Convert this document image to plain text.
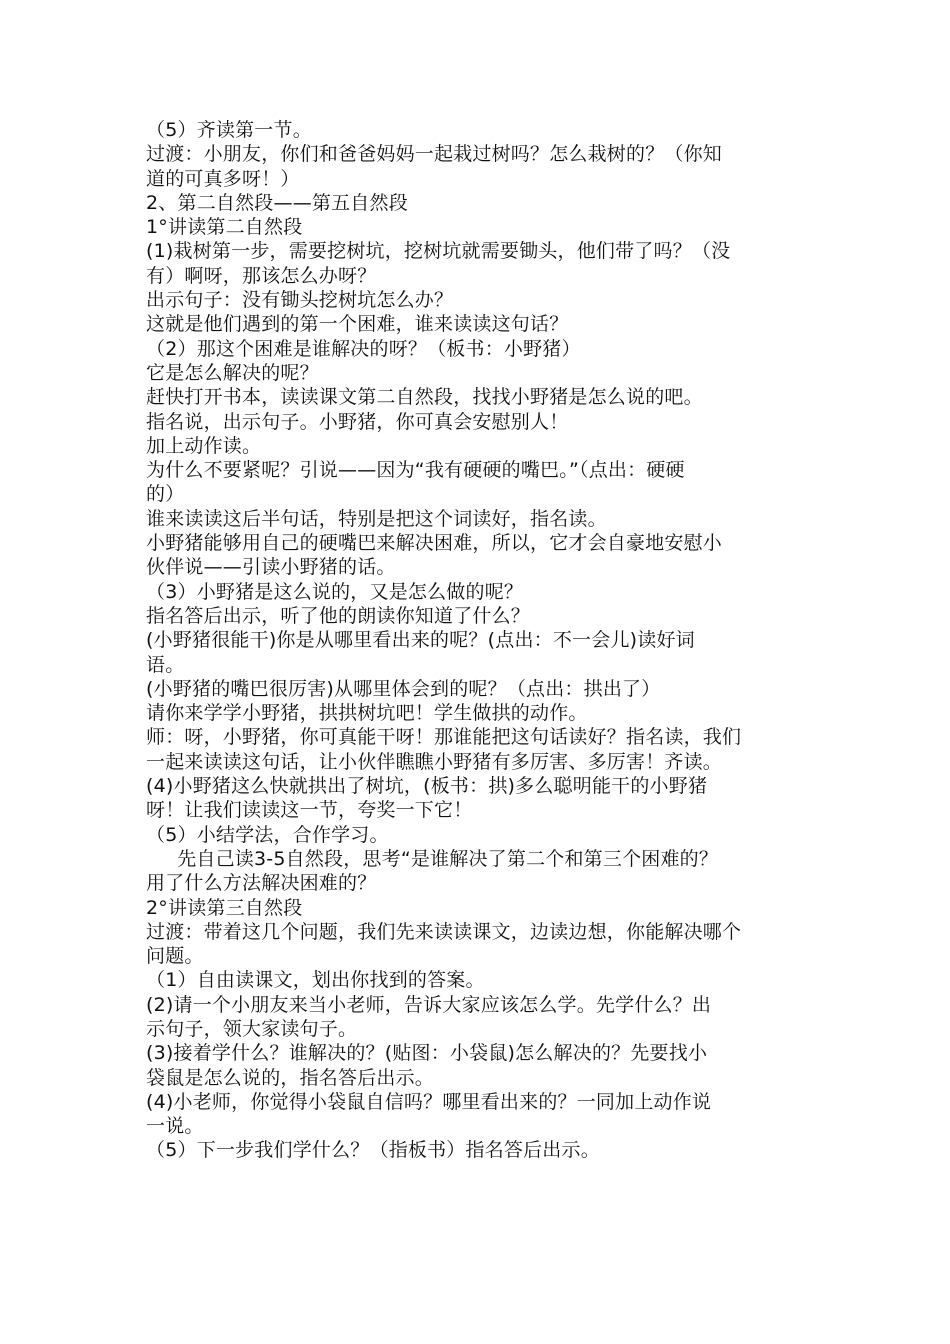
（5）齐读第一节。
过渡：小朋友，你们和爸爸妈妈一起栽过树吗？怎么栽树的？（你知
道的可真多呀！）
2、第二自然段——第五自然段
1°讲读第二自然段
(1)栽树第一步，需要挖树坑，挖树坑就需要锄头，他们带了吗？（没
有）啊呀，那该怎么办呀？
出示句子：没有锄头挖树坑怎么办？
这就是他们遇到的第一个困难，谁来读读这句话？
（2）那这个困难是谁解决的呀？（板书：小野猪）
它是怎么解决的呢？
赶快打开书本，读读课文第二自然段，找找小野猪是怎么说的吧。
指名说，出示句子。小野猪，你可真会安慰别人！
加上动作读。
为什么不要紧呢？引说——因为“我有硬硬的嘴巴。”（点出：硬硬
的）
谁来读读这后半句话，特别是把这个词读好，指名读。
小野猪能够用自己的硬嘴巴来解决困难，所以，它才会自豪地安慰小
伙伴说——引读小野猪的话。
（3）小野猪是这么说的，又是怎么做的呢？
指名答后出示，听了他的朗读你知道了什么？
(小野猪很能干)你是从哪里看出来的呢？(点出：不一会儿)读好词
语。
(小野猪的嘴巴很厉害)从哪里体会到的呢？（点出：拱出了）
请你来学学小野猪，拱拱树坑吧！学生做拱的动作。
师：呀，小野猪，你可真能干呀！那谁能把这句话读好？指名读，我们
一起来读读这句话，让小伙伴瞧瞧小野猪有多厉害、多厉害！齐读。
(4)小野猪这么快就拱出了树坑，(板书：拱)多么聪明能干的小野猪
呀！让我们读读这一节，夸奖一下它！
（5）小结学法，合作学习。
先自己读3-5自然段，思考“是谁解决了第二个和第三个困难的？
用了什么方法解决困难的？
2°讲读第三自然段
过渡：带着这几个问题，我们先来读读课文，边读边想，你能解决哪个
问题。
（1）自由读课文，划出你找到的答案。
(2)请一个小朋友来当小老师，告诉大家应该怎么学。先学什么？出
示句子，领大家读句子。
(3)接着学什么？谁解决的？(贴图：小袋鼠)怎么解决的？先要找小
袋鼠是怎么说的，指名答后出示。
(4)小老师，你觉得小袋鼠自信吗？哪里看出来的？一同加上动作说
一说。
（5）下一步我们学什么？（指板书）指名答后出示。
